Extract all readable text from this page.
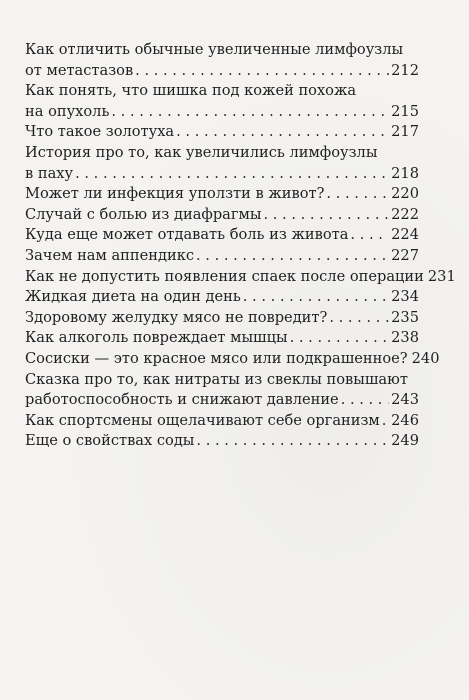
Как отличить обычные увеличенные лимфоузлы
от метастазов . . .	212
Как понять, что шишка под кожей похожа
на опухоль . . .	215
Что такое золотуха . . .	217
История про то, как увеличились лимфоузлы
в паху . . .	218
Может ли инфекция уползти в живот? . . .	220
Случай с болью из диафрагмы . . .	222
Куда еще может отдавать боль из живота . . .	224
Зачем нам аппендикс . . .	227
Как не допустить появления спаек после операции 231
Жидкая диета на один день . . .	234
Здоровому желудку мясо не повредит? . . .	235
Как алкоголь повреждает мышцы . . .	238
Сосиски — это красное мясо или подкрашенное? 240
Сказка про то, как нитраты из свеклы повышают
работоспособность и снижают давление . . .	243
Как спортсмены ощелачивают себе организм . . . 246
Еще о свойствах соды . . .	249
